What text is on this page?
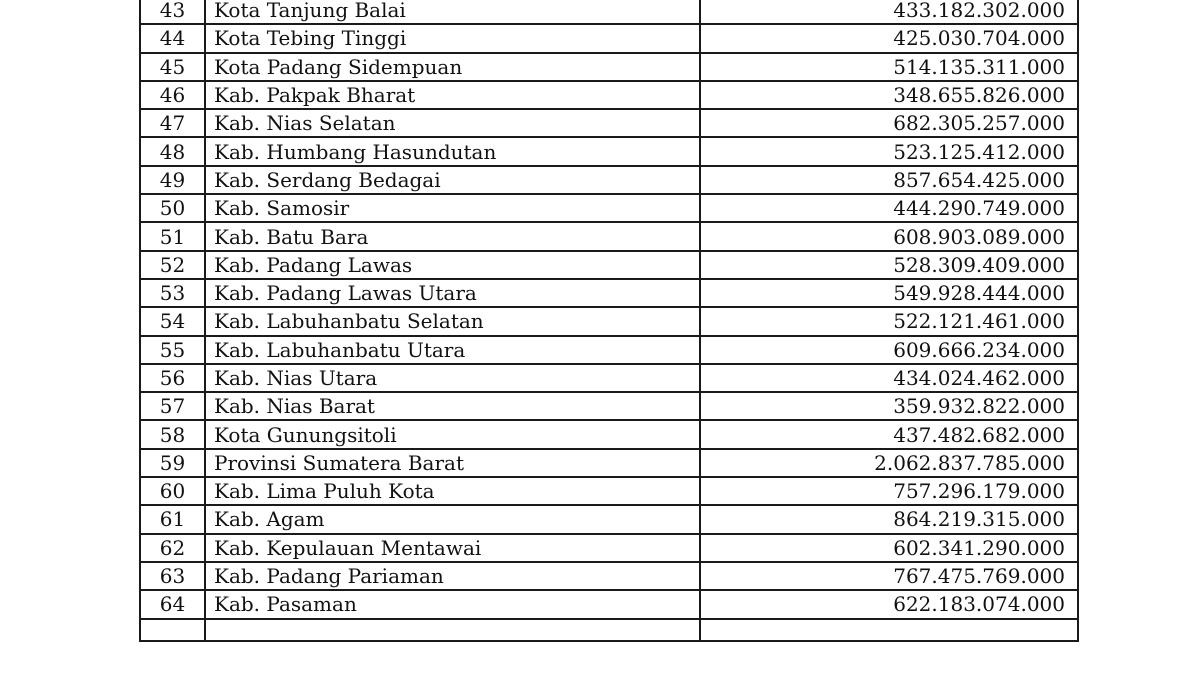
43	Kota Tanjung Balai	433.182.302.000
44	Kota Tebing Tinggi	425.030.704.000
45	Kota Padang Sidempuan	514.135.311.000
46	Kab. Pakpak Bharat	348.655.826.000
47	Kab. Nias Selatan	682.305.257.000
48	Kab. Humbang Hasundutan	523.125.412.000
49	Kab. Serdang Bedagai	857.654.425.000
50	Kab. Samosir	444.290.749.000
51	Kab. Batu Bara	608.903.089.000
52	Kab. Padang Lawas	528.309.409.000
53	Kab. Padang Lawas Utara	549.928.444.000
54	Kab. Labuhanbatu Selatan	522.121.461.000
55	Kab. Labuhanbatu Utara	609.666.234.000
56	Kab. Nias Utara	434.024.462.000
57	Kab. Nias Barat	359.932.822.000
58	Kota Gunungsitoli	437.482.682.000
59	Provinsi Sumatera Barat	2.062.837.785.000
60	Kab. Lima Puluh Kota	757.296.179.000
61	Kab. Agam	864.219.315.000
62	Kab. Kepulauan Mentawai	602.341.290.000
63	Kab. Padang Pariaman	767.475.769.000
64	Kab. Pasaman	622.183.074.000
